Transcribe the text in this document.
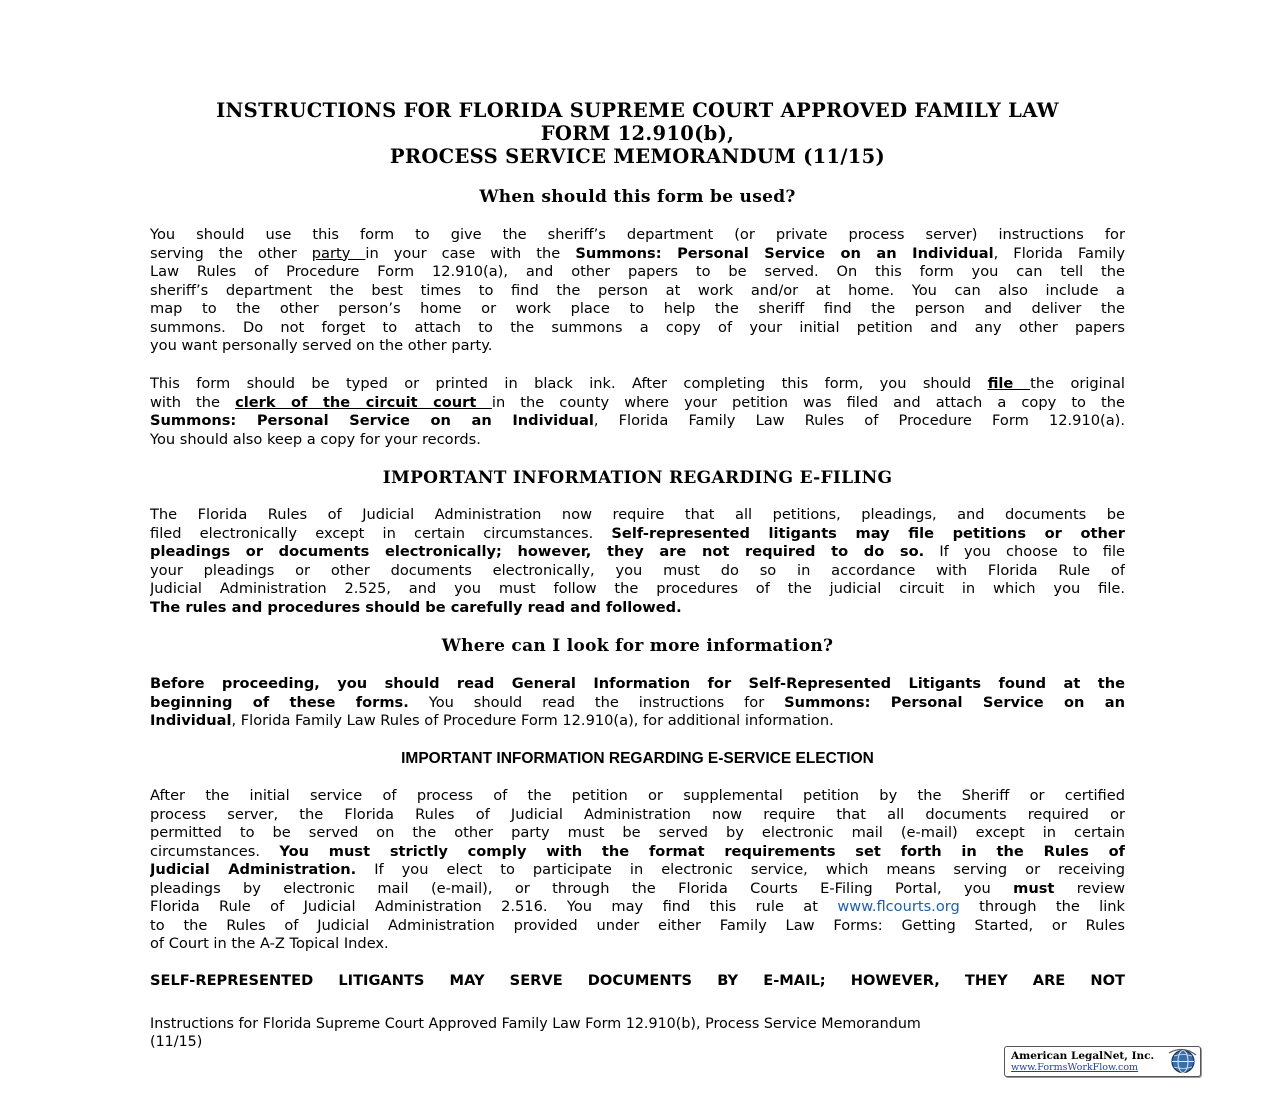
INSTRUCTIONS FOR FLORIDA SUPREME COURT APPROVED FAMILY LAW
FORM 12.910(b),
PROCESS SERVICE MEMORANDUM (11/15)
When should this form be used?
You should use this form to give the sheriff’s department (or private process server) instructions for
serving the other party in your case with the Summons: Personal Service on an Individual, Florida Family
Law Rules of Procedure Form 12.910(a), and other papers to be served. On this form you can tell the
sheriff’s department the best times to find the person at work and/or at home. You can also include a
map to the other person’s home or work place to help the sheriff find the person and deliver the
summons. Do not forget to attach to the summons a copy of your initial petition and any other papers
you want personally served on the other party.
This form should be typed or printed in black ink. After completing this form, you should file the original
with the clerk of the circuit court in the county where your petition was filed and attach a copy to the
Summons: Personal Service on an Individual, Florida Family Law Rules of Procedure Form 12.910(a).
You should also keep a copy for your records.
IMPORTANT INFORMATION REGARDING E-FILING
The Florida Rules of Judicial Administration now require that all petitions, pleadings, and documents be
filed electronically except in certain circumstances. Self-represented litigants may file petitions or other
pleadings or documents electronically; however, they are not required to do so. If you choose to file
your pleadings or other documents electronically, you must do so in accordance with Florida Rule of
Judicial Administration 2.525, and you must follow the procedures of the judicial circuit in which you file.
The rules and procedures should be carefully read and followed.
Where can I look for more information?
Before proceeding, you should read General Information for Self-Represented Litigants found at the
beginning of these forms. You should read the instructions for Summons: Personal Service on an
Individual, Florida Family Law Rules of Procedure Form 12.910(a), for additional information.
IMPORTANT INFORMATION REGARDING E-SERVICE ELECTION
After the initial service of process of the petition or supplemental petition by the Sheriff or certified
process server, the Florida Rules of Judicial Administration now require that all documents required or
permitted to be served on the other party must be served by electronic mail (e-mail) except in certain
circumstances. You must strictly comply with the format requirements set forth in the Rules of
Judicial Administration. If you elect to participate in electronic service, which means serving or receiving
pleadings by electronic mail (e-mail), or through the Florida Courts E-Filing Portal, you must review
Florida Rule of Judicial Administration 2.516. You may find this rule at www.flcourts.org through the link
to the Rules of Judicial Administration provided under either Family Law Forms: Getting Started, or Rules
of Court in the A-Z Topical Index.
SELF-REPRESENTED LITIGANTS MAY SERVE DOCUMENTS BY E-MAIL; HOWEVER, THEY ARE NOT
Instructions for Florida Supreme Court Approved Family Law Form 12.910(b), Process Service Memorandum
(11/15)
American LegalNet, Inc.
www.FormsWorkFlow.com
